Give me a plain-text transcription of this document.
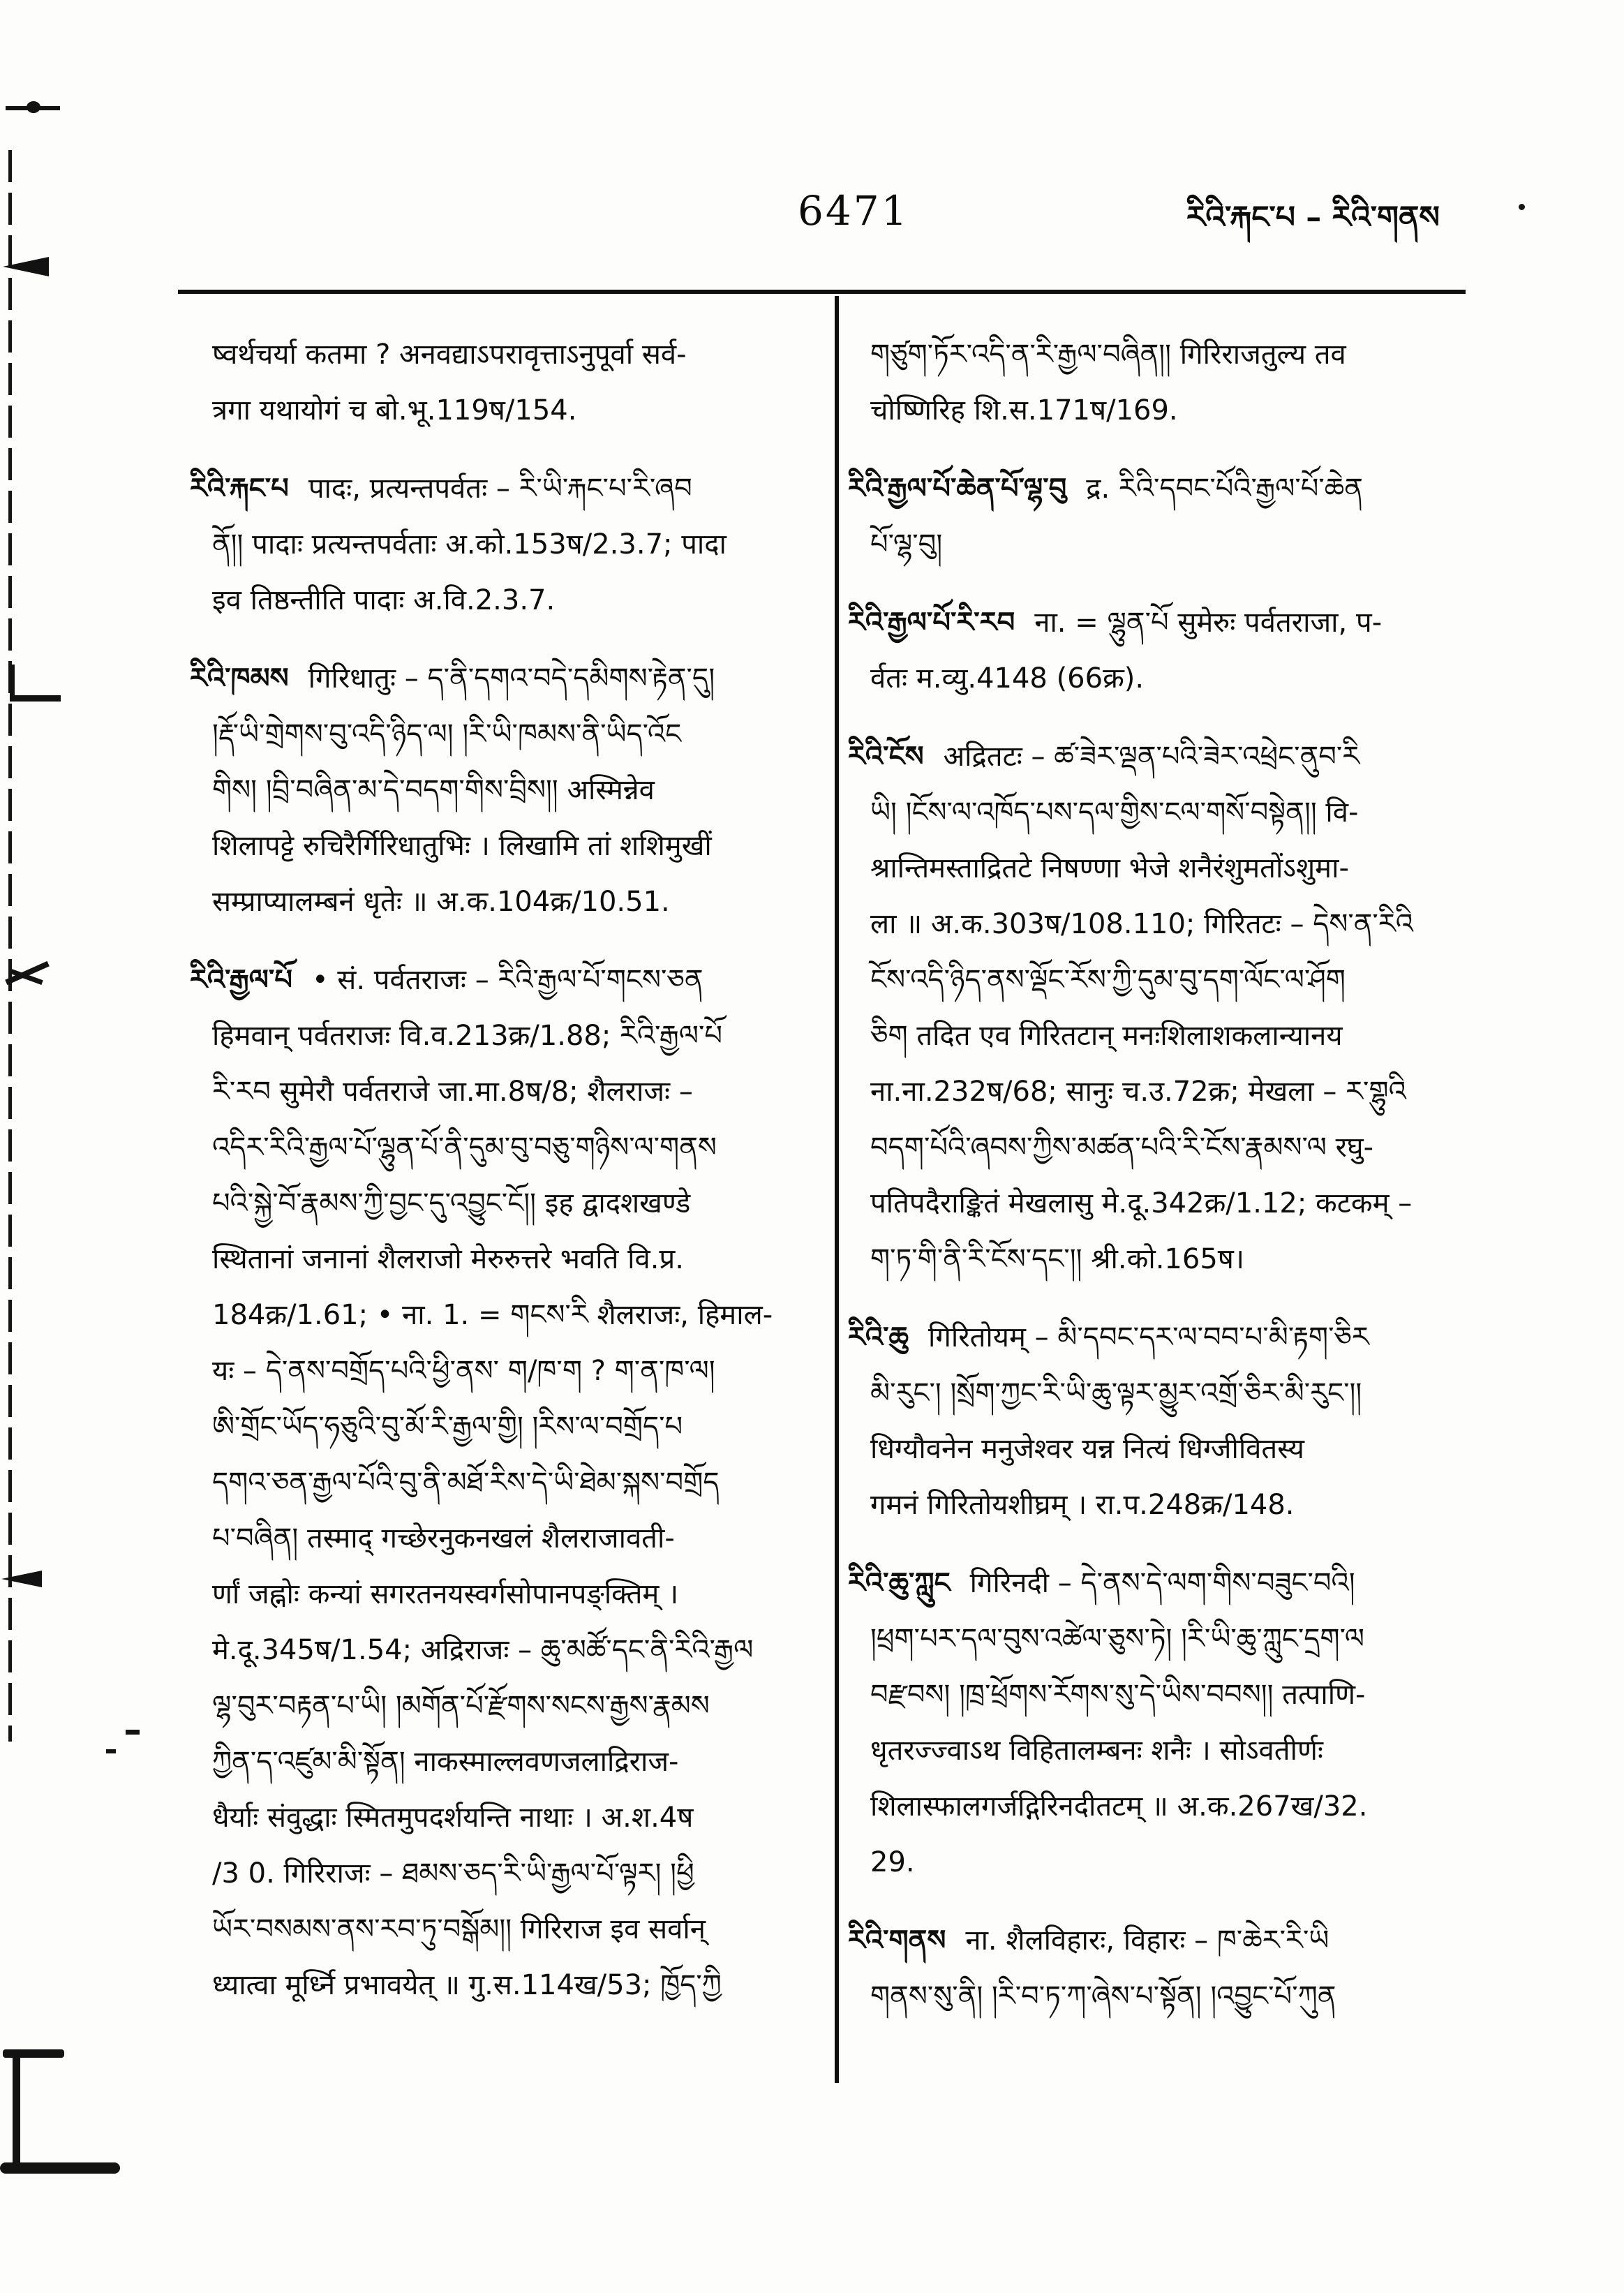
6471	རིའི་རྐང་པ – རིའི་གནས
ष्वर्थचर्या कतमा ? अनवद्याऽपरावृत्ताऽनुपूर्वा सर्व-
त्रगा यथायोगं च बो.भू.119ष/154.
རིའི་རྐང་པ पादः, प्रत्यन्तपर्वतः – རི་ཡི་རྐང་པ་རི་ཞབ
ནོ།། पादाः प्रत्यन्तपर्वताः अ.को.153ष/2.3.7; पादा
इव तिष्ठन्तीति पादाः अ.वि.2.3.7.
རིའི་ཁམས गिरिधातुः – ད་ནི་དགའ་བདེ་དམིགས་རྟེན་དུ།
།རྡོ་ཡི་གྲེགས་བུ་འདི་ཉིད་ལ། །རི་ཡི་ཁམས་ནི་ཡིད་འོང
གིས། །བྲི་བཞིན་མ་དེ་བདག་གིས་བྲིས།། अस्मिन्नेव
शिलापट्टे रुचिरैर्गिरिधातुभिः । लिखामि तां शशिमुखीं
सम्प्राप्यालम्बनं धृतेः ॥ अ.क.104क्र/10.51.
རིའི་རྒྱལ་པོ • सं. पर्वतराजः – རིའི་རྒྱལ་པོ་གངས་ཅན
हिमवान् पर्वतराजः वि.व.213क्र/1.88; རིའི་རྒྱལ་པོ
རི་རབ सुमेरौ पर्वतराजे जा.मा.8ष/8; शैलराजः –
འདིར་རིའི་རྒྱལ་པོ་ལྷུན་པོ་ནི་དུམ་བུ་བཅུ་གཉིས་ལ་གནས
པའི་སྐྱེ་བོ་རྣམས་ཀྱི་བྱང་དུ་འབྱུང་ངོ།། इह द्वादशखण्डे
स्थितानां जनानां शैलराजो मेरुरुत्तरे भवति वि.प्र.
184क्र/1.61; • ना. 1. = གངས་རི शैलराजः, हिमाल-
यः – དེ་ནས་བགྲོད་པའི་ཕྱི་ནས་ ག/ཁ་ག ? ག་ན་ཁ་ལ།
ཨི་གྲོང་ཡོད་ཧཅུའི་བུ་མོ་རི་རྒྱལ་གྱི། །རིས་ལ་བགྲོད་པ
དགའ་ཅན་རྒྱལ་པོའི་བུ་ནི་མཐོ་རིས་དེ་ཡི་ཐེམ་སྐས་བགྲོད
པ་བཞིན། तस्माद् गच्छेरनुकनखलं शैलराजावती-
र्णां जह्नोः कन्यां सगरतनयस्वर्गसोपानपङ्क्तिम् ।
मे.दू.345ष/1.54; अद्रिराजः – ཆུ་མཚོ་དང་ནི་རིའི་རྒྱལ
ལྷ་བུར་བརྟན་པ་ཡི། །མགོན་པོ་རྫོགས་སངས་རྒྱས་རྣམས
ཀྱིན་ད་འཛུམ་མི་སྟོན། नाकस्माल्लवणजलाद्रिराज-
धैर्याः संवुद्धाः स्मितमुपदर्शयन्ति नाथाः । अ.श.4ष
/3 0. गिरिराजः – ཐམས་ཅད་རི་ཡི་རྒྱལ་པོ་ལྟར། །ཕྱི
ཡོར་བསམས་ནས་རབ་ཏུ་བསྒོམ།། गिरिराज इव सर्वान्
ध्यात्वा मूर्ध्नि प्रभावयेत् ॥ गु.स.114ख/53; ཁྱོད་ཀྱི
གཙུག་ཏོར་འདི་ན་རི་རྒྱལ་བཞིན།། गिरिराजतुल्य तव
चोष्णिरिह शि.स.171ष/169.
རིའི་རྒྱལ་པོ་ཆེན་པོ་ལྷ་བུ द्र. རིའི་དབང་པོའི་རྒྱལ་པོ་ཆེན
པོ་ལྷ་བུ།
རིའི་རྒྱལ་པོ་རི་རབ ना. = ལྷུན་པོ सुमेरुः पर्वतराजा, प-
र्वतः म.व्यु.4148 (66क्र).
རིའི་ངོས अद्रितटः – ཚ་ཟེར་ལྡན་པའི་ཟེར་འཕྲེང་ནུབ་རི
ཡི། །ངོས་ལ་འཁོད་པས་དལ་གྱིས་ངལ་གསོ་བསྟེན།། वि-
श्रान्तिमस्ताद्रितटे निषण्णा भेजे शनैरंशुमतोंऽशुमा-
ला ॥ अ.क.303ष/108.110; गिरितटः – དེས་ན་རིའི
ངོས་འདི་ཉིད་ནས་ལྡོང་རོས་ཀྱི་དུམ་བུ་དག་ལོང་ལ་ཤོག
ཅིག तदित एव गिरितटान् मनःशिलाशकलान्यानय
ना.ना.232ष/68; सानुः च.उ.72क्र; मेखला – ར་གྷུའི
བདག་པོའི་ཞབས་ཀྱིས་མཚན་པའི་རི་ངོས་རྣམས་ལ रघु-
पतिपदैराङ्कितं मेखलासु मे.दू.342क्र/1.12; कटकम् –
ག་ཏ་གི་ནི་རི་ངོས་དང་།། श्री.को.165ष।
རིའི་ཆུ गिरितोयम् – མི་དབང་དར་ལ་བབ་པ་མི་རྟག་ཅིར
མི་རུང་། །སྲོག་ཀྱང་རི་ཡི་ཆུ་ལྟར་མྱུར་འགྲོ་ཅིར་མི་རུང་།།
धिग्यौवनेन मनुजेश्वर यन्न नित्यं धिग्जीवितस्य
गमनं गिरितोयशीघ्रम् । रा.प.248क्र/148.
རིའི་ཆུ་ཀླུང गिरिनदी – དེ་ནས་དེ་ལག་གིས་བཟུང་བའི།
།ཕྲག་པར་དལ་བུས་འཚེལ་ཅུས་ཏེ། །རི་ཡི་ཆུ་ཀླུང་དྲག་ལ
བརྫབས། །ཁྲ་ཕྲོགས་རོགས་སུ་དེ་ཡིས་བབས།། तत्पाणि-
धृतरज्ज्वाऽथ विहितालम्बनः शनैः । सोऽवतीर्णः
शिलास्फालगर्जद्गिरिनदीतटम् ॥ अ.क.267ख/32.
29.
རིའི་གནས ना. शैलविहारः, विहारः – ཁ་ཆེར་རི་ཡི
གནས་སུ་ནི། །རི་བ་ཏ་ཀ་ཞེས་པ་སྟོན། །འབྱུང་པོ་ཀུན
